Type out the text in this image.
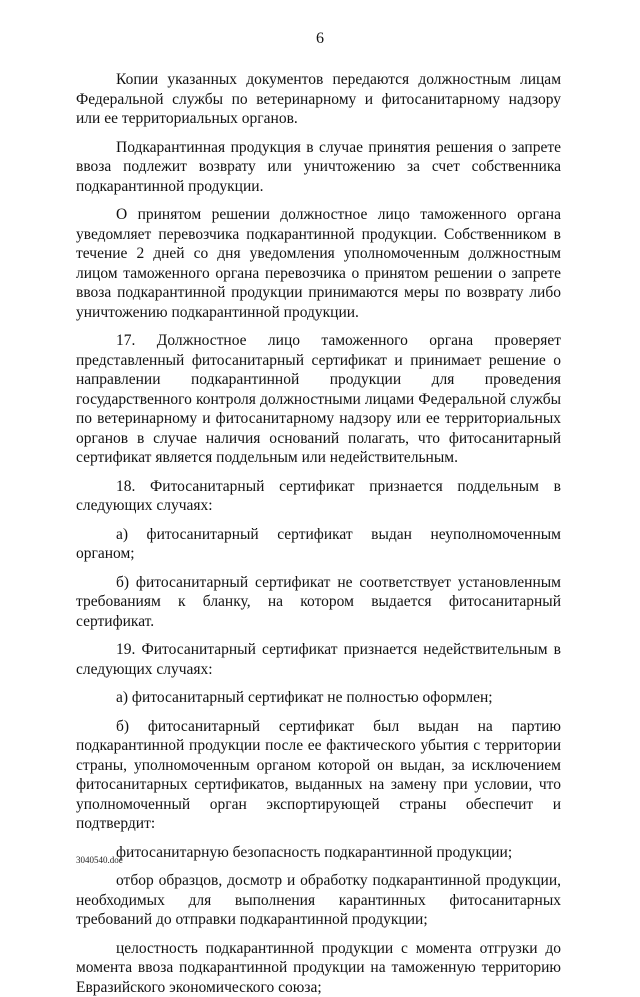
6

Копии указанных документов передаются должностным лицам Федеральной службы по ветеринарному и фитосанитарному надзору или ее территориальных органов.

Подкарантинная продукция в случае принятия решения о запрете ввоза подлежит возврату или уничтожению за счет собственника подкарантинной продукции.

О принятом решении должностное лицо таможенного органа уведомляет перевозчика подкарантинной продукции. Собственником в течение 2 дней со дня уведомления уполномоченным должностным лицом таможенного органа перевозчика о принятом решении о запрете ввоза подкарантинной продукции принимаются меры по возврату либо уничтожению подкарантинной продукции.

17. Должностное лицо таможенного органа проверяет представленный фитосанитарный сертификат и принимает решение о направлении подкарантинной продукции для проведения государственного контроля должностными лицами Федеральной службы по ветеринарному и фитосанитарному надзору или ее территориальных органов в случае наличия оснований полагать, что фитосанитарный сертификат является поддельным или недействительным.

18. Фитосанитарный сертификат признается поддельным в следующих случаях:

а) фитосанитарный сертификат выдан неуполномоченным органом;

б) фитосанитарный сертификат не соответствует установленным требованиям к бланку, на котором выдается фитосанитарный сертификат.

19. Фитосанитарный сертификат признается недействительным в следующих случаях:

а) фитосанитарный сертификат не полностью оформлен;

б) фитосанитарный сертификат был выдан на партию подкарантинной продукции после ее фактического убытия с территории страны, уполномоченным органом которой он выдан, за исключением фитосанитарных сертификатов, выданных на замену при условии, что уполномоченный орган экспортирующей страны обеспечит и подтвердит:

фитосанитарную безопасность подкарантинной продукции;

отбор образцов, досмотр и обработку подкарантинной продукции, необходимых для выполнения карантинных фитосанитарных требований до отправки подкарантинной продукции;

целостность подкарантинной продукции с момента отгрузки до момента ввоза подкарантинной продукции на таможенную территорию Евразийского экономического союза;

3040540.doc
